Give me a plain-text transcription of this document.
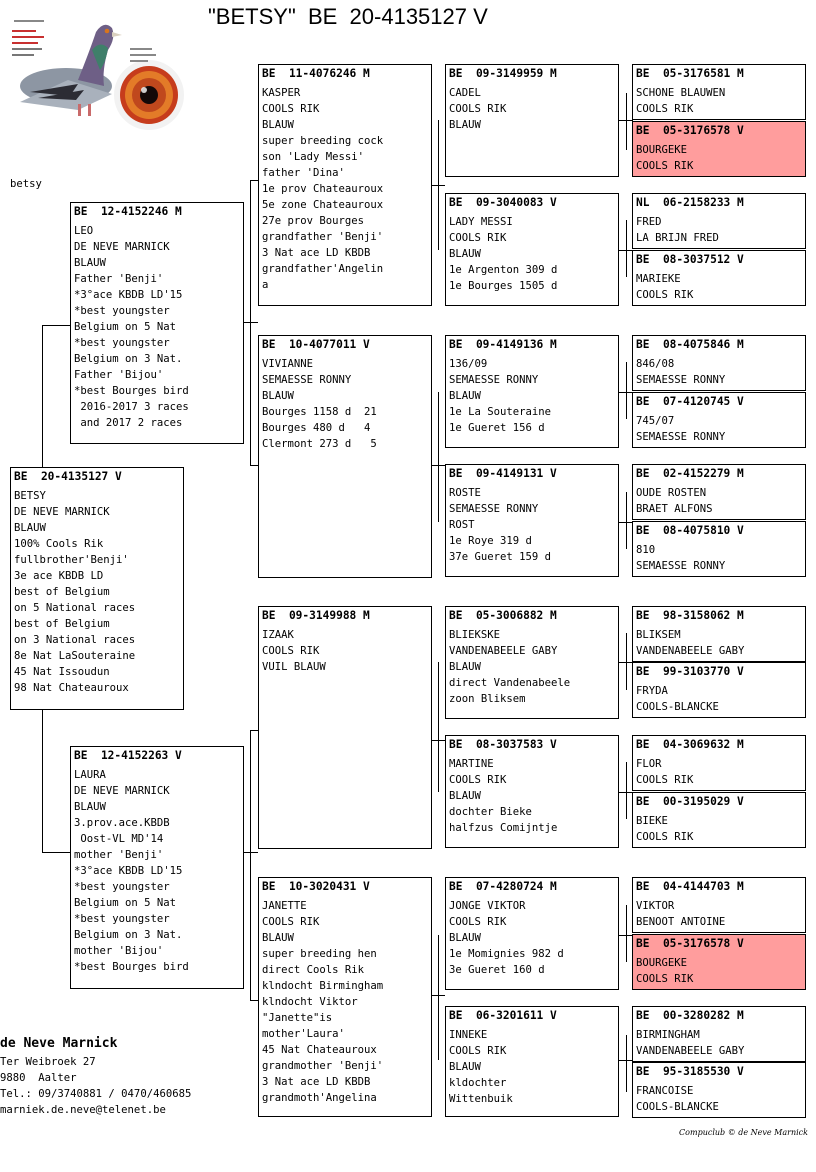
"BETSY"  BE  20-4135127 V
betsy
BE  20-4135127 V
BETSY
DE NEVE MARNICK
BLAUW
100% Cools Rik
fullbrother'Benji'
3e ace KBDB LD
best of Belgium
on 5 National races
best of Belgium
on 3 National races
8e Nat LaSouteraine
45 Nat Issoudun
98 Nat Chateauroux
BE  12-4152246 M
LEO
DE NEVE MARNICK
BLAUW
Father 'Benji'
*3°ace KBDB LD'15
*best youngster
Belgium on 5 Nat
*best youngster
Belgium on 3 Nat.
Father 'Bijou'
*best Bourges bird
2016-2017 3 races
and 2017 2 races
BE  12-4152263 V
LAURA
DE NEVE MARNICK
BLAUW
3.prov.ace.KBDB
Oost-VL MD'14
mother 'Benji'
*3°ace KBDB LD'15
*best youngster
Belgium on 5 Nat
*best youngster
Belgium on 3 Nat.
mother 'Bijou'
*best Bourges bird
BE  11-4076246 M
KASPER
COOLS RIK
BLAUW
super breeding cock
son 'Lady Messi'
father 'Dina'
1e prov Chateauroux
5e zone Chateauroux
27e prov Bourges
grandfather 'Benji'
3 Nat ace LD KBDB
grandfather'Angelin
a
BE  10-4077011 V
VIVIANNE
SEMAESSE RONNY
BLAUW
Bourges 1158 d  21
Bourges 480 d   4
Clermont 273 d   5
BE  09-3149988 M
IZAAK
COOLS RIK
VUIL BLAUW
BE  10-3020431 V
JANETTE
COOLS RIK
BLAUW
super breeding hen
direct Cools Rik
klndocht Birmingham
klndocht Viktor
"Janette"is
mother'Laura'
45 Nat Chateauroux
grandmother 'Benji'
3 Nat ace LD KBDB
grandmoth'Angelina
BE  09-3149959 M
CADEL
COOLS RIK
BLAUW
BE  09-3040083 V
LADY MESSI
COOLS RIK
BLAUW
1e Argenton 309 d
1e Bourges 1505 d
BE  09-4149136 M
136/09
SEMAESSE RONNY
BLAUW
1e La Souteraine
1e Gueret 156 d
BE  09-4149131 V
ROSTE
SEMAESSE RONNY
ROST
1e Roye 319 d
37e Gueret 159 d
BE  05-3006882 M
BLIEKSKE
VANDENABEELE GABY
BLAUW
direct Vandenabeele
zoon Bliksem
BE  08-3037583 V
MARTINE
COOLS RIK
BLAUW
dochter Bieke
halfzus Comijntje
BE  07-4280724 M
JONGE VIKTOR
COOLS RIK
BLAUW
1e Momignies 982 d
3e Gueret 160 d
BE  06-3201611 V
INNEKE
COOLS RIK
BLAUW
kldochter
Wittenbuik
BE  05-3176581 M
SCHONE BLAUWEN
COOLS RIK
BE  05-3176578 V
BOURGEKE
COOLS RIK
NL  06-2158233 M
FRED
LA BRIJN FRED
BE  08-3037512 V
MARIEKE
COOLS RIK
BE  08-4075846 M
846/08
SEMAESSE RONNY
BE  07-4120745 V
745/07
SEMAESSE RONNY
BE  02-4152279 M
OUDE ROSTEN
BRAET ALFONS
BE  08-4075810 V
810
SEMAESSE RONNY
BE  98-3158062 M
BLIKSEM
VANDENABEELE GABY
BE  99-3103770 V
FRYDA
COOLS-BLANCKE
BE  04-3069632 M
FLOR
COOLS RIK
BE  00-3195029 V
BIEKE
COOLS RIK
BE  04-4144703 M
VIKTOR
BENOOT ANTOINE
BE  05-3176578 V
BOURGEKE
COOLS RIK
BE  00-3280282 M
BIRMINGHAM
VANDENABEELE GABY
BE  95-3185530 V
FRANCOISE
COOLS-BLANCKE
de Neve Marnick
Ter Weibroek 27
9880  Aalter
Tel.: 09/3740881 / 0470/460685
marniek.de.neve@telenet.be
Compuclub © de Neve Marnick
